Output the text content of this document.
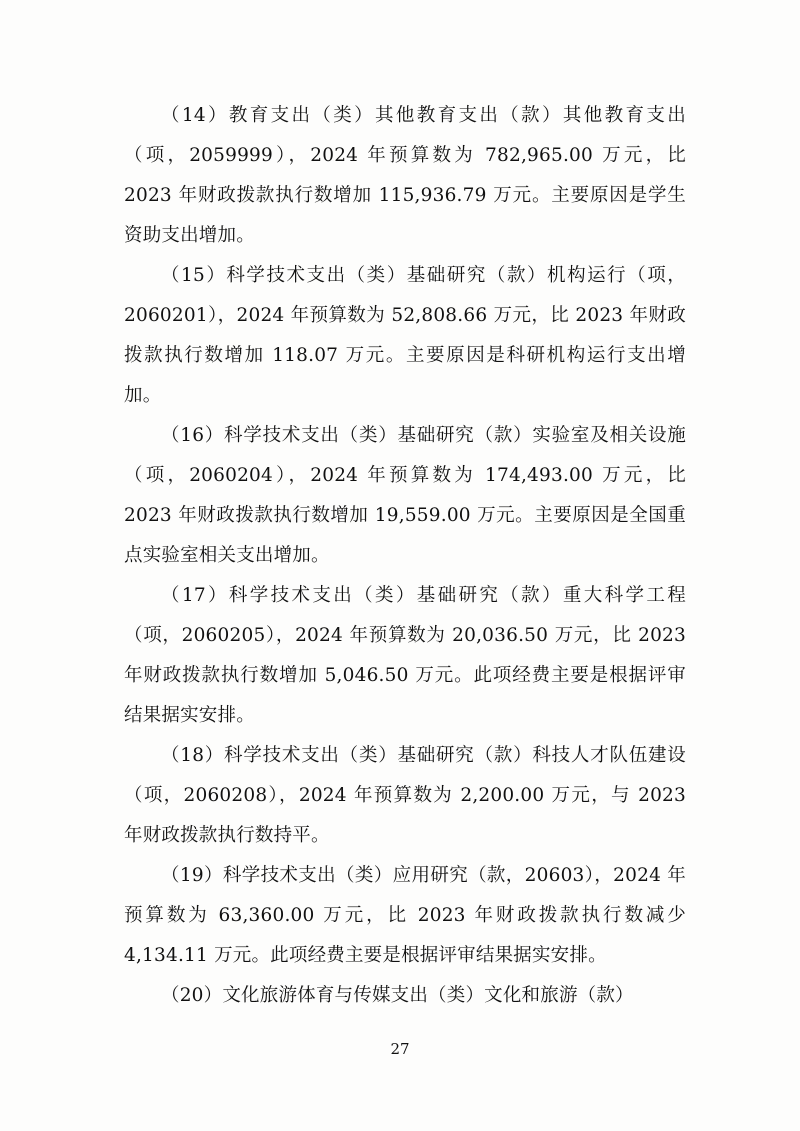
（14）教育支出（类）其他教育支出（款）其他教育支出（项，2059999），2024 年预算数为 782,965.00 万元，比 2023 年财政拨款执行数增加 115,936.79 万元。主要原因是学生资助支出增加。

（15）科学技术支出（类）基础研究（款）机构运行（项，2060201），2024 年预算数为 52,808.66 万元，比 2023 年财政拨款执行数增加 118.07 万元。主要原因是科研机构运行支出增加。

（16）科学技术支出（类）基础研究（款）实验室及相关设施（项，2060204），2024 年预算数为 174,493.00 万元，比 2023 年财政拨款执行数增加 19,559.00 万元。主要原因是全国重点实验室相关支出增加。

（17）科学技术支出（类）基础研究（款）重大科学工程（项，2060205），2024 年预算数为 20,036.50 万元，比 2023 年财政拨款执行数增加 5,046.50 万元。此项经费主要是根据评审结果据实安排。

（18）科学技术支出（类）基础研究（款）科技人才队伍建设（项，2060208），2024 年预算数为 2,200.00 万元，与 2023 年财政拨款执行数持平。

（19）科学技术支出（类）应用研究（款，20603），2024 年预算数为 63,360.00 万元，比 2023 年财政拨款执行数减少 4,134.11 万元。此项经费主要是根据评审结果据实安排。

（20）文化旅游体育与传媒支出（类）文化和旅游（款）

27
